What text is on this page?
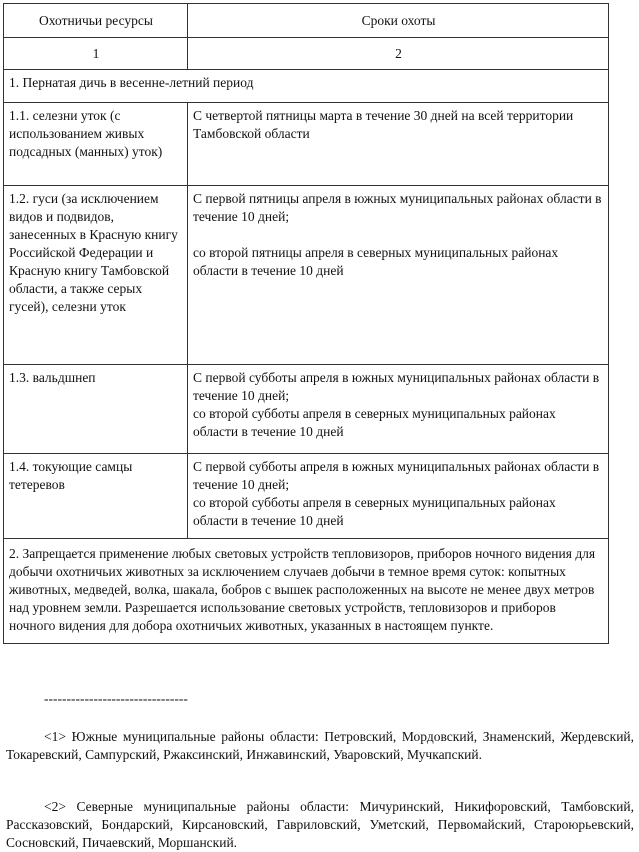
Охотничьи ресурсы	Сроки охоты
1	2
1. Пернатая дичь в весенне-летний период	
1.1. селезни уток (с использованием живых подсадных (манных) уток)	С четвертой пятницы марта в течение 30 дней на всей территории Тамбовской области

1.2. гуси (за исключением видов и подвидов, занесенных в Красную книгу Российской Федерации и Красную книгу Тамбовской области, а также серых гусей), селезни уток	С первой пятницы апреля в южных муниципальных районах области в течение 10 дней;
со второй пятницы апреля в северных муниципальных районах области в течение 10 дней

1.3. вальдшнеп	С первой субботы апреля в южных муниципальных районах области в течение 10 дней;
со второй субботы апреля в северных муниципальных районах области в течение 10 дней

1.4. токующие самцы тетеревов	С первой субботы апреля в южных муниципальных районах области в течение 10 дней;
со второй субботы апреля в северных муниципальных районах области в течение 10 дней

2. Запрещается применение любых световых устройств тепловизоров, приборов ночного видения для добычи охотничьих животных за исключением случаев добычи в темное время суток: копытных животных, медведей, волка, шакала, бобров с вышек расположенных на высоте не менее двух метров над уровнем земли. Разрешается использование световых устройств, тепловизоров и приборов ночного видения для добора охотничьих животных, указанных в настоящем пункте.	
--------------------------------
<1> Южные муниципальные районы области: Петровский, Мордовский, Знаменский, Жердевский, Токаревский, Сампурский, Ржаксинский, Инжавинский, Уваровский, Мучкапский.
<2> Северные муниципальные районы области: Мичуринский, Никифоровский, Тамбовский, Рассказовский, Бондарский, Кирсановский, Гавриловский, Уметский, Первомайский, Староюрьевский, Сосновский, Пичаевский, Моршанский.
